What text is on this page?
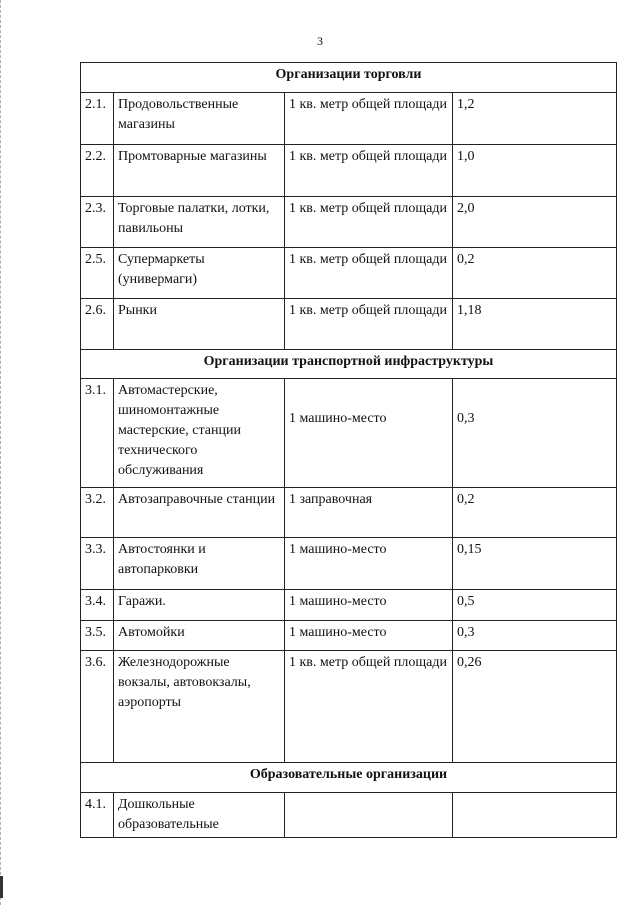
3
Организации торговли			
2.1.	Продовольственные магазины	1 кв. метр общей площади	1,2
2.2.	Промтоварные магазины	1 кв. метр общей площади	1,0
2.3.	Торговые палатки, лотки, павильоны	1 кв. метр общей площади	2,0
2.5.	Супермаркеты (универмаги)	1 кв. метр общей площади	0,2
2.6.	Рынки	1 кв. метр общей площади	1,18
Организации транспортной инфраструктуры			
3.1.	Автомастерские, шиномонтажные мастерские, станции технического обслуживания	1 машино-место	0,3
3.2.	Автозаправочные станции	1 заправочная	0,2
3.3.	Автостоянки и автопарковки	1 машино-место	0,15
3.4.	Гаражи.	1 машино-место	0,5
3.5.	Автомойки	1 машино-место	0,3
3.6.	Железнодорожные вокзалы, автовокзалы, аэропорты	1 кв. метр общей площади	0,26
Образовательные организации			
4.1.	Дошкольные образовательные		
